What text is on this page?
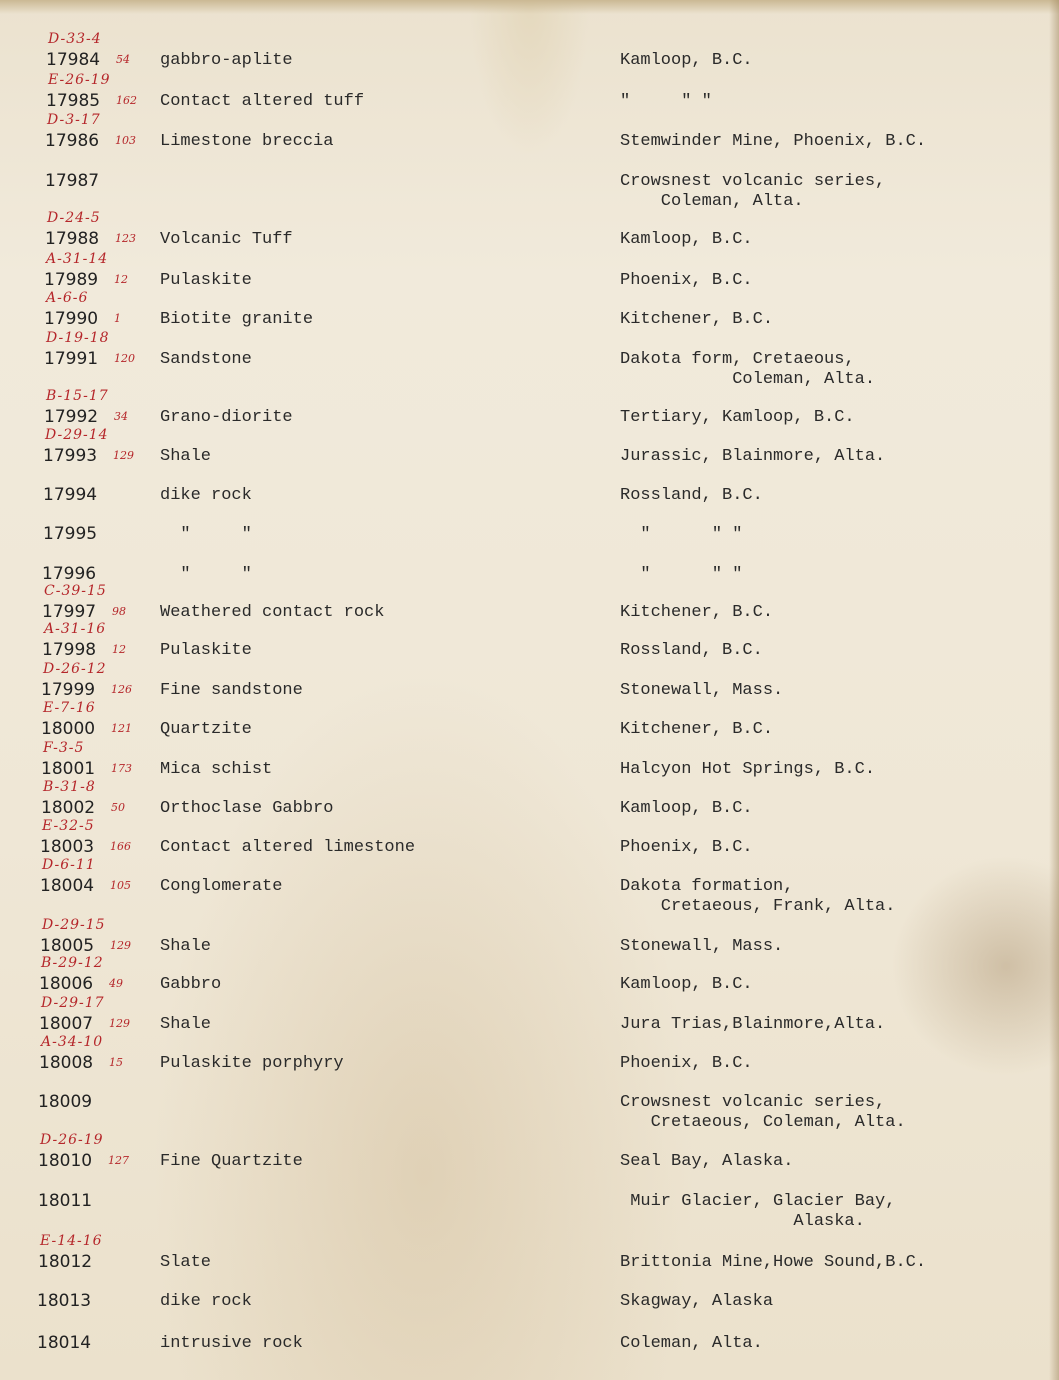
D-33-4
17984 54 gabbro-aplite	Kamloop, B.C.
E-26-19
17985 162 Contact altered tuff	"     " "
D-3-17
17986 103 Limestone breccia	Stemwinder Mine, Phoenix, B.C.
17987	Crowsnest volcanic series,
Coleman, Alta.
D-24-5
17988 123 Volcanic Tuff	Kamloop, B.C.
A-31-14
17989 12 Pulaskite	Phoenix, B.C.
A-6-6
17990 1 Biotite granite	Kitchener, B.C.
D-19-18
17991 120 Sandstone	Dakota form, Cretaeous,
Coleman, Alta.
B-15-17
17992 34 Grano-diorite	Tertiary, Kamloop, B.C.
D-29-14
17993 129 Shale	Jurassic, Blainmore, Alta.
17994	dike rock	Rossland, B.C.
17995	"     "	"      " "
17996	"     "	"      " "
C-39-15
17997 98 Weathered contact rock	Kitchener, B.C.
A-31-16
17998 12 Pulaskite	Rossland, B.C.
D-26-12
17999 126 Fine sandstone	Stonewall, Mass.
E-7-16
18000 121 Quartzite	Kitchener, B.C.
F-3-5
18001 173 Mica schist	Halcyon Hot Springs, B.C.
B-31-8
18002 50 Orthoclase Gabbro	Kamloop, B.C.
E-32-5
18003 166 Contact altered limestone	Phoenix, B.C.
D-6-11
18004 105 Conglomerate	Dakota formation,
Cretaeous, Frank, Alta.
D-29-15
18005 129 Shale	Stonewall, Mass.
B-29-12
18006 49 Gabbro	Kamloop, B.C.
D-29-17
18007 129 Shale	Jura Trias,Blainmore,Alta.
A-34-10
18008 15 Pulaskite porphyry	Phoenix, B.C.
18009	Crowsnest volcanic series,
Cretaeous, Coleman, Alta.
D-26-19
18010 127 Fine Quartzite	Seal Bay, Alaska.
18011	Muir Glacier, Glacier Bay,
Alaska.
E-14-16
18012	Slate	Brittonia Mine,Howe Sound,B.C.
18013	dike rock	Skagway, Alaska
18014	intrusive rock	Coleman, Alta.
